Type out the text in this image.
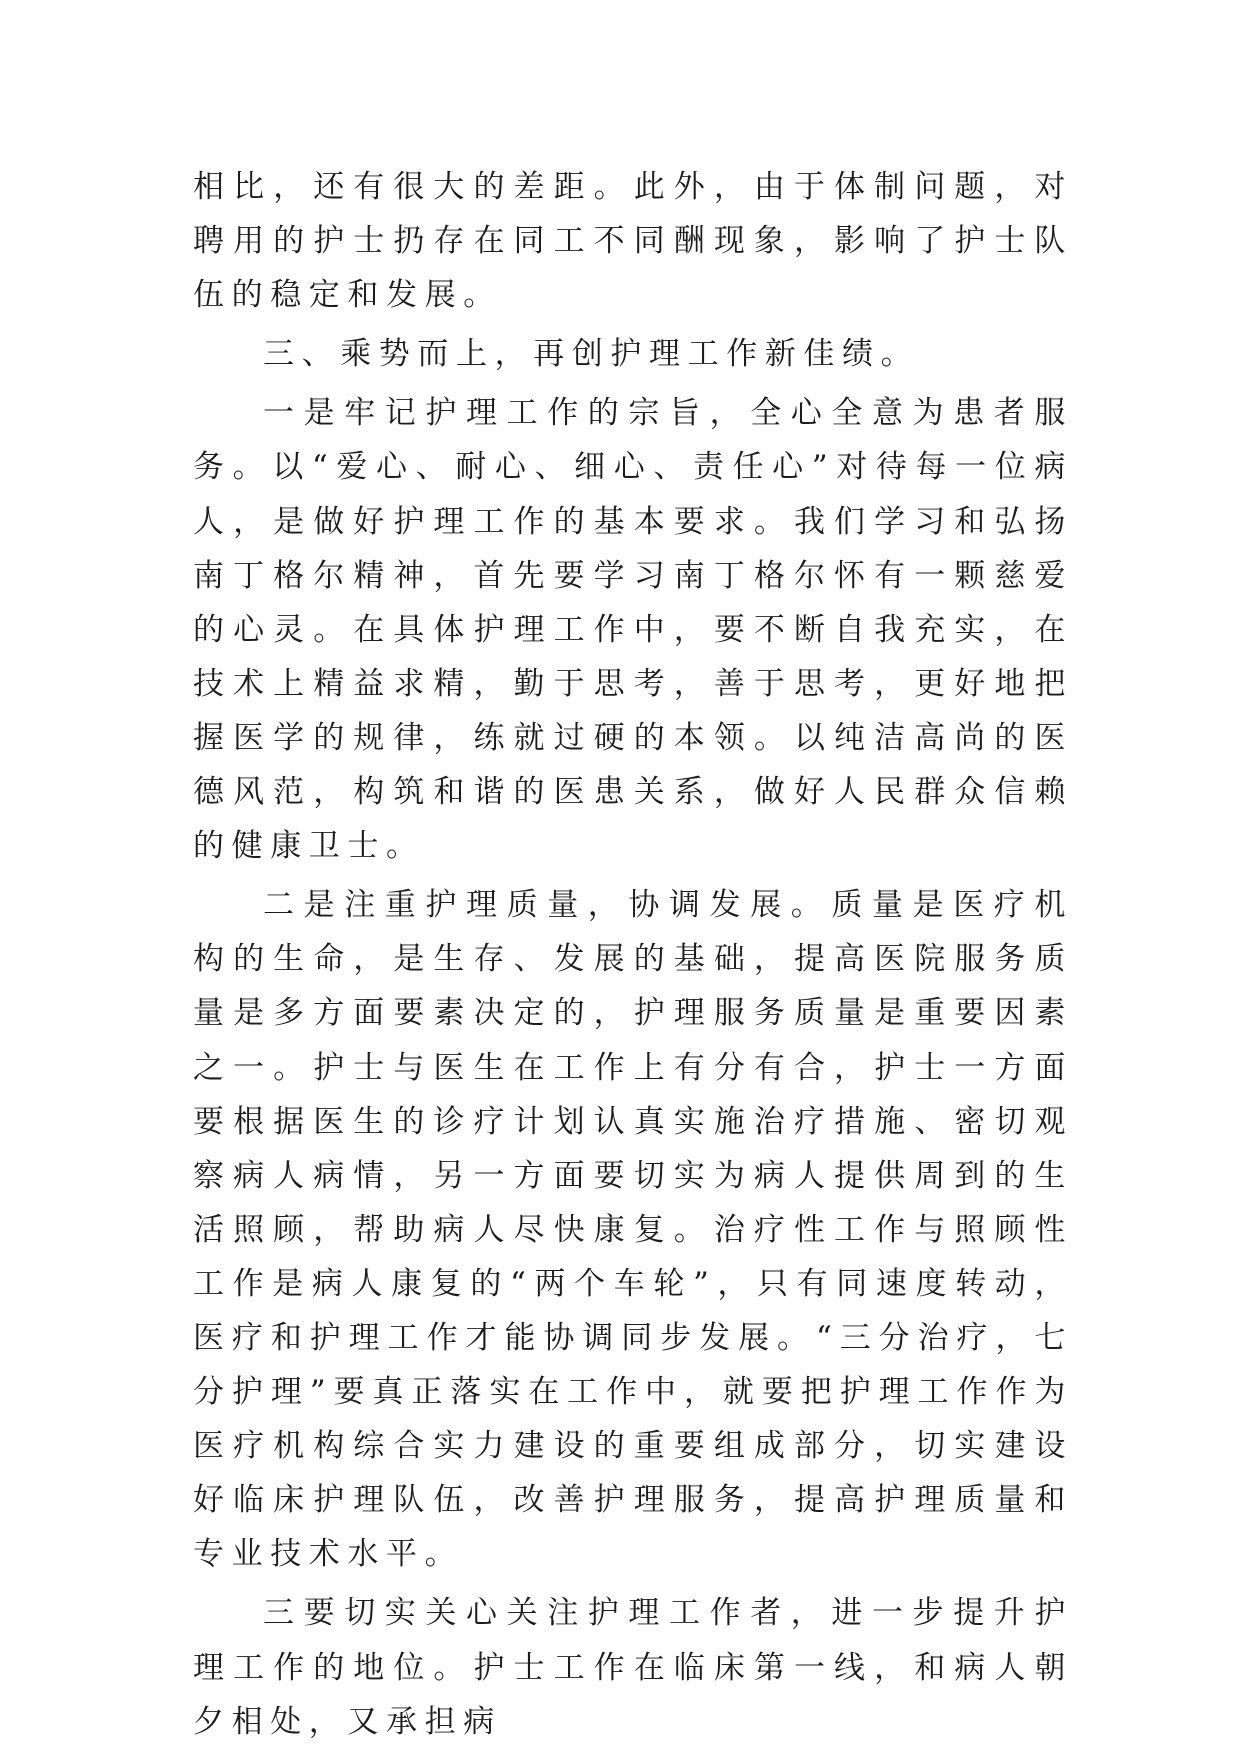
相比，还有很大的差距。此外，由于体制问题，对聘用的护士扔存在同工不同酬现象，影响了护士队伍的稳定和发展。

三、乘势而上，再创护理工作新佳绩。

一是牢记护理工作的宗旨，全心全意为患者服务。以“爱心、耐心、细心、责任心”对待每一位病人，是做好护理工作的基本要求。我们学习和弘扬南丁格尔精神，首先要学习南丁格尔怀有一颗慈爱的心灵。在具体护理工作中，要不断自我充实，在技术上精益求精，勤于思考，善于思考，更好地把握医学的规律，练就过硬的本领。以纯洁高尚的医德风范，构筑和谐的医患关系，做好人民群众信赖的健康卫士。

二是注重护理质量，协调发展。质量是医疗机构的生命，是生存、发展的基础，提高医院服务质量是多方面要素决定的，护理服务质量是重要因素之一。护士与医生在工作上有分有合，护士一方面要根据医生的诊疗计划认真实施治疗措施、密切观察病人病情，另一方面要切实为病人提供周到的生活照顾，帮助病人尽快康复。治疗性工作与照顾性工作是病人康复的“两个车轮”，只有同速度转动，医疗和护理工作才能协调同步发展。“三分治疗，七分护理”要真正落实在工作中，就要把护理工作作为医疗机构综合实力建设的重要组成部分，切实建设好临床护理队伍，改善护理服务，提高护理质量和专业技术水平。

三要切实关心关注护理工作者，进一步提升护理工作的地位。护士工作在临床第一线，和病人朝夕相处，又承担病
